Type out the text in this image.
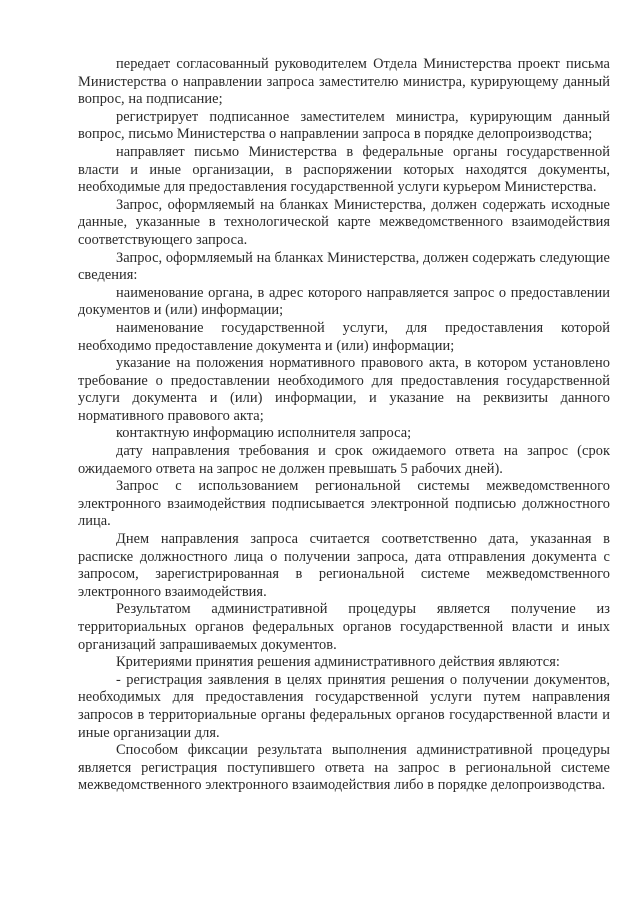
передает согласованный руководителем Отдела Министерства проект письма Министерства о направлении запроса заместителю министра, курирующему данный вопрос, на подписание;

регистрирует подписанное заместителем министра, курирующим данный вопрос, письмо Министерства о направлении запроса в порядке делопроизводства;

направляет письмо Министерства в федеральные органы государственной власти и иные организации, в распоряжении которых находятся документы, необходимые для предоставления государственной услуги курьером Министерства.

Запрос, оформляемый на бланках Министерства, должен содержать исходные данные, указанные в технологической карте межведомственного взаимодействия соответствующего запроса.

Запрос, оформляемый на бланках Министерства, должен содержать следующие сведения:

наименование органа, в адрес которого направляется запрос о предоставлении документов и (или) информации;

наименование государственной услуги, для предоставления которой необходимо предоставление документа и (или) информации;

указание на положения нормативного правового акта, в котором установлено требование о предоставлении необходимого для предоставления государственной услуги документа и (или) информации, и указание на реквизиты данного нормативного правового акта;

контактную информацию исполнителя запроса;

дату направления требования и срок ожидаемого ответа на запрос (срок ожидаемого ответа на запрос не должен превышать 5 рабочих дней).

Запрос с использованием региональной системы межведомственного электронного взаимодействия подписывается электронной подписью должностного лица.

Днем направления запроса считается соответственно дата, указанная в расписке должностного лица о получении запроса, дата отправления документа с запросом, зарегистрированная в региональной системе межведомственного электронного взаимодействия.

Результатом административной процедуры является получение из территориальных органов федеральных органов государственной власти и иных организаций запрашиваемых документов.

Критериями принятия решения административного действия являются:

- регистрация заявления в целях принятия решения о получении документов, необходимых для предоставления государственной услуги путем направления запросов в территориальные органы федеральных органов государственной власти и иные организации для.

Способом фиксации результата выполнения административной процедуры является регистрация поступившего ответа на запрос в региональной системе межведомственного электронного взаимодействия либо в порядке делопроизводства.
